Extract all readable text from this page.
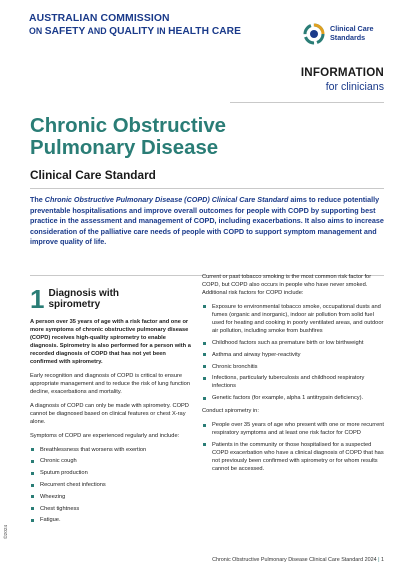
AUSTRALIAN COMMISSION
ON SAFETY AND QUALITY IN HEALTH CARE	Clinical Care
Standards
INFORMATION
for clinicians
Chronic Obstructive
Pulmonary Disease
Clinical Care Standard
The Chronic Obstructive Pulmonary Disease (COPD) Clinical Care Standard aims to reduce potentially preventable hospitalisations and improve overall outcomes for people with COPD by supporting best practice in the assessment and management of COPD, including exacerbations. It also aims to increase consideration of the palliative care needs of people with COPD to support symptom management and improve quality of life.
1 Diagnosis with
spirometry

A person over 35 years of age with a risk factor and one or more symptoms of chronic obstructive pulmonary disease (COPD) receives high-quality spirometry to enable diagnosis. Spirometry is also performed for a person with a recorded diagnosis of COPD that has not yet been confirmed with spirometry.

Early recognition and diagnosis of COPD is critical to ensure appropriate management and to reduce the risk of lung function decline, exacerbations and mortality.

A diagnosis of COPD can only be made with spirometry. COPD cannot be diagnosed based on clinical features or chest X-ray alone.

Symptoms of COPD are experienced regularly and include:

Breathlessness that worsens with exertion
Chronic cough
Sputum production
Recurrent chest infections
Wheezing
Chest tightness
Fatigue.

Current or past tobacco smoking is the most common risk factor for COPD, but COPD also occurs in people who have never smoked. Additional risk factors for COPD include:

Exposure to environmental tobacco smoke, occupational dusts and fumes (organic and inorganic), indoor air pollution from solid fuel used for heating and cooking in poorly ventilated areas, and outdoor air pollution, including smoke from bushfires
Childhood factors such as premature birth or low birthweight
Asthma and airway hyper-reactivity
Chronic bronchitis
Infections, particularly tuberculosis and childhood respiratory infections
Genetic factors (for example, alpha 1 antitrypsin deficiency).

Conduct spirometry in:

People over 35 years of age who present with one or more recurrent respiratory symptoms and at least one risk factor for COPD
Patients in the community or those hospitalised for a suspected COPD exacerbation who have a clinical diagnosis of COPD that has not previously been confirmed with spirometry or for whom results cannot be accessed.
©2024
Chronic Obstructive Pulmonary Disease Clinical Care Standard 2024 | 1
